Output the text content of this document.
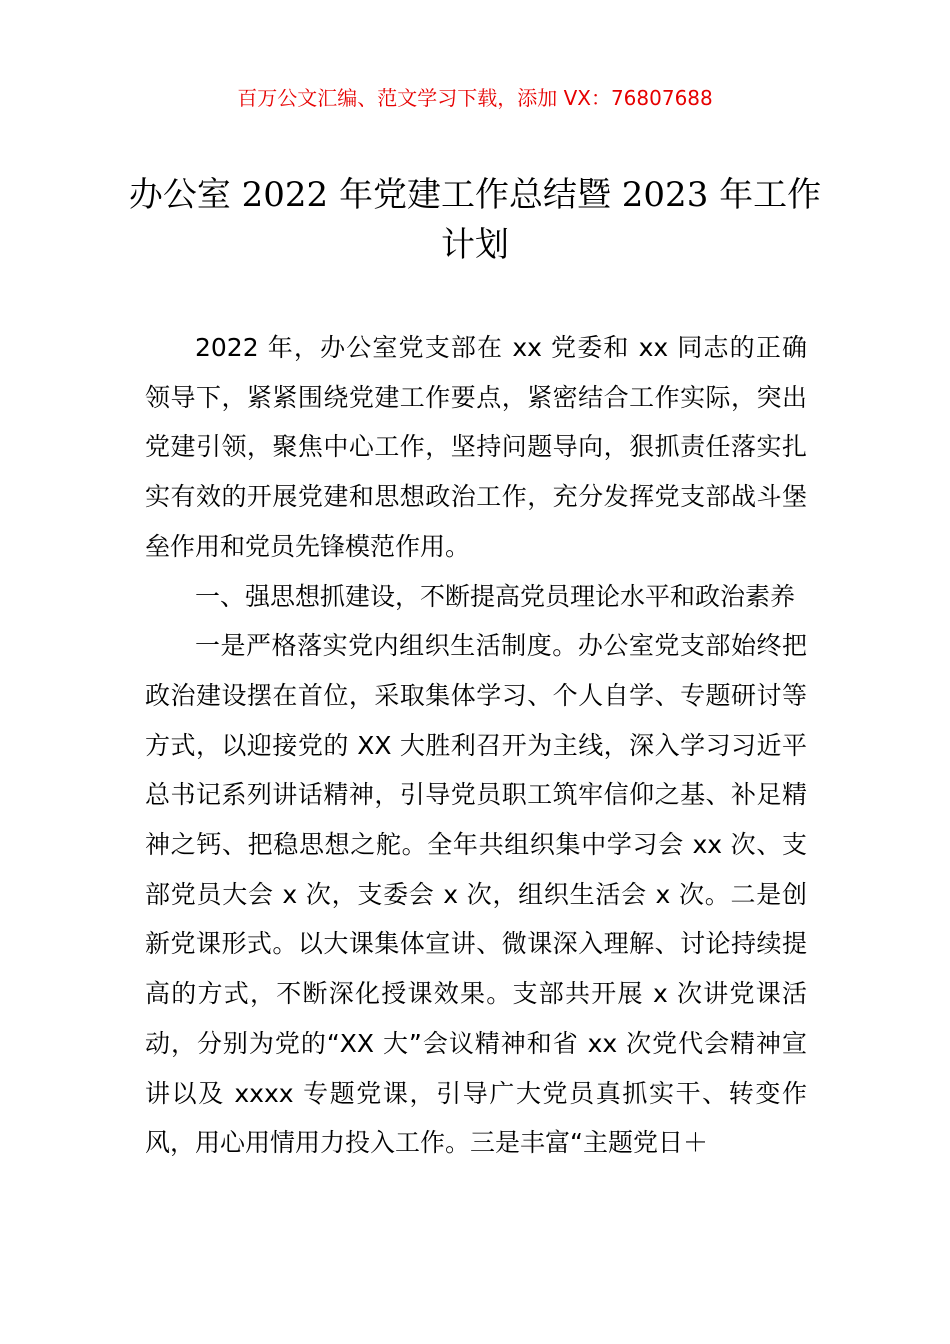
百万公文汇编、范文学习下载，添加 VX：76807688
办公室 2022 年党建工作总结暨 2023 年工作计划

2022 年，办公室党支部在 xx 党委和 xx 同志的正确领导下，紧紧围绕党建工作要点，紧密结合工作实际，突出党建引领，聚焦中心工作，坚持问题导向，狠抓责任落实扎实有效的开展党建和思想政治工作，充分发挥党支部战斗堡垒作用和党员先锋模范作用。

一、强思想抓建设，不断提高党员理论水平和政治素养

一是严格落实党内组织生活制度。办公室党支部始终把政治建设摆在首位，采取集体学习、个人自学、专题研讨等方式，以迎接党的 XX 大胜利召开为主线，深入学习习近平总书记系列讲话精神，引导党员职工筑牢信仰之基、补足精神之钙、把稳思想之舵。全年共组织集中学习会 xx 次、支部党员大会 x 次，支委会 x 次，组织生活会 x 次。二是创新党课形式。以大课集体宣讲、微课深入理解、讨论持续提高的方式，不断深化授课效果。支部共开展 x 次讲党课活动，分别为党的“XX 大”会议精神和省 xx 次党代会精神宣讲以及 xxxx 专题党课，引导广大党员真抓实干、转变作风，用心用情用力投入工作。三是丰富“主题党日＋
